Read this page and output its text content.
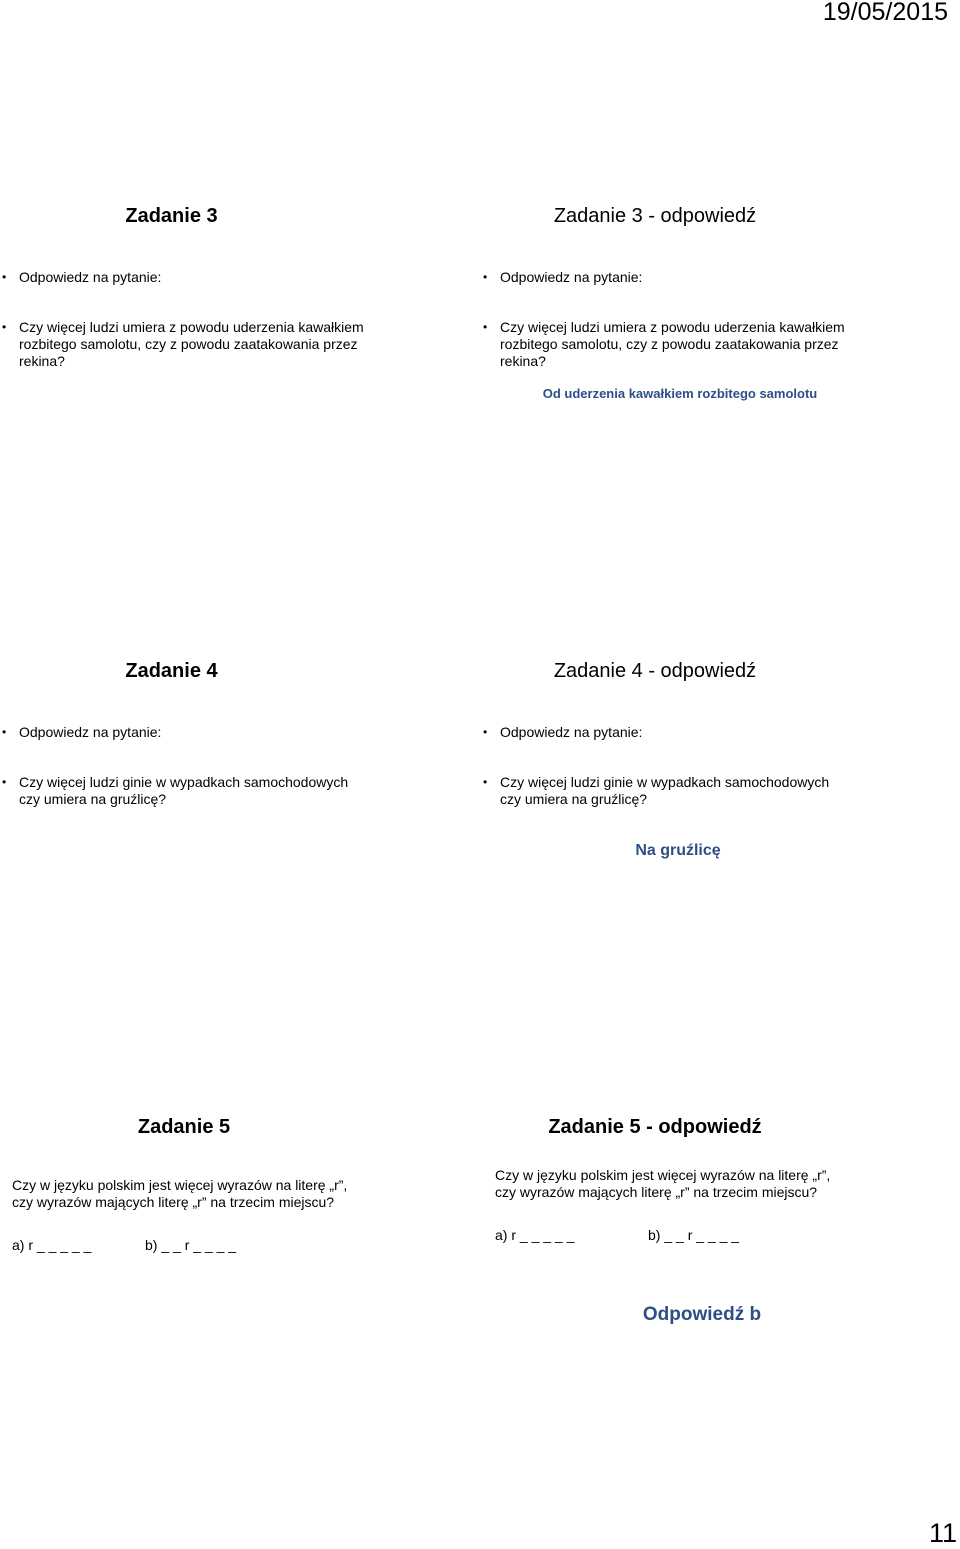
19/05/2015
Zadanie 3
• Odpowiedz na pytanie:
• Czy więcej ludzi umiera z powodu uderzenia kawałkiem rozbitego samolotu, czy z powodu zaatakowania przez rekina?
Zadanie 3 - odpowiedź
• Odpowiedz na pytanie:
• Czy więcej ludzi umiera z powodu uderzenia kawałkiem rozbitego samolotu, czy z powodu zaatakowania przez rekina?
Od uderzenia kawałkiem rozbitego samolotu
Zadanie 4
• Odpowiedz na pytanie:
• Czy więcej ludzi ginie w wypadkach samochodowych czy umiera na gruźlicę?
Zadanie 4 - odpowiedź
• Odpowiedz na pytanie:
• Czy więcej ludzi ginie w wypadkach samochodowych czy umiera na gruźlicę?
Na gruźlicę
Zadanie 5
Czy w języku polskim jest więcej wyrazów na literę „r”, czy wyrazów mających literę „r” na trzecim miejscu?
a) r _ _ _ _ _	b) _ _ r _ _ _ _
Zadanie 5 - odpowiedź
Czy w języku polskim jest więcej wyrazów na literę „r”, czy wyrazów mających literę „r” na trzecim miejscu?
a) r _ _ _ _ _	b) _ _ r _ _ _ _
Odpowiedź b
11
